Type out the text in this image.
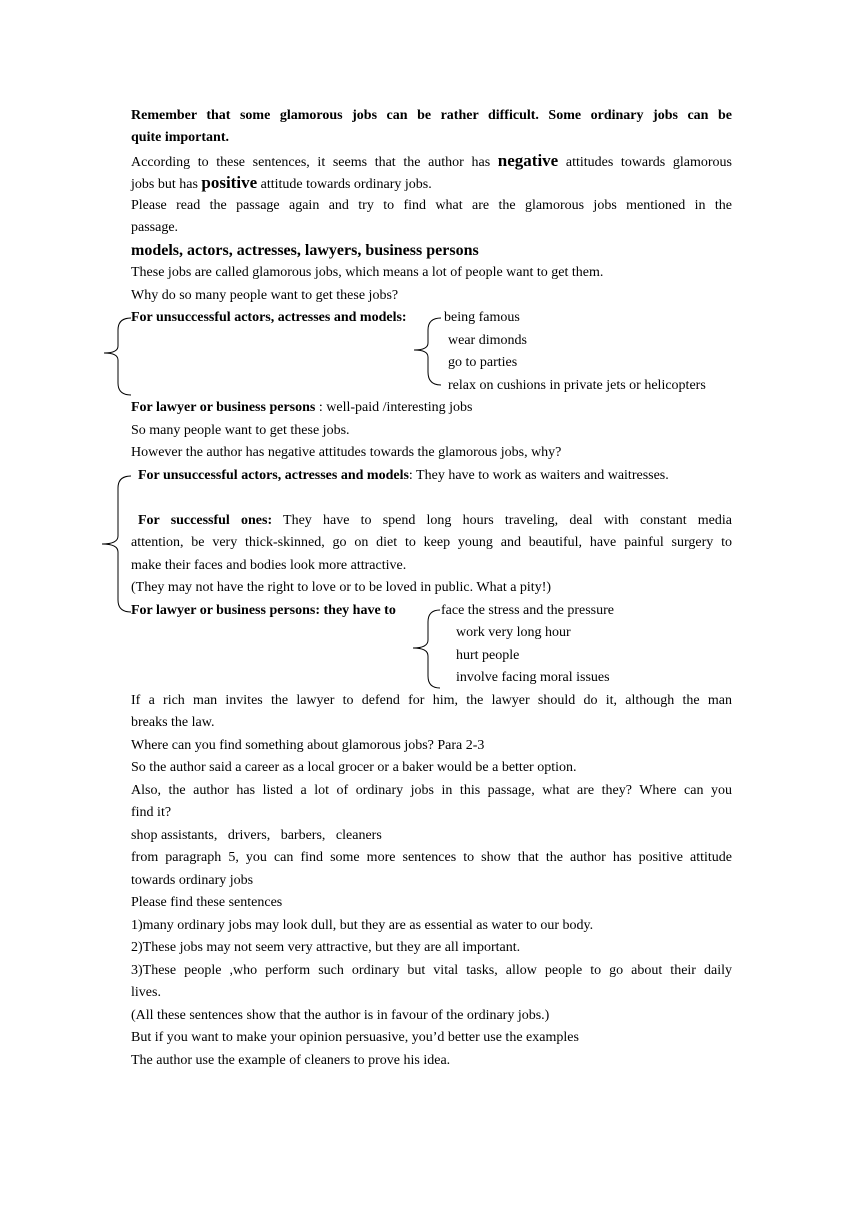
Remember that some glamorous jobs can be rather difficult. Some ordinary jobs can be
quite important.
According to these sentences, it seems that the author has negative attitudes towards glamorous
jobs but has positive attitude towards ordinary jobs.
Please read the passage again and try to find what are the glamorous jobs mentioned in the
passage.
models, actors, actresses, lawyers, business persons
These jobs are called glamorous jobs, which means a lot of people want to get them.
Why do so many people want to get these jobs?
For unsuccessful actors, actresses and models:	being famous
wear dimonds
go to parties
relax on cushions in private jets or helicopters
For lawyer or business persons : well-paid /interesting jobs
So many people want to get these jobs.
However the author has negative attitudes towards the glamorous jobs, why?
For unsuccessful actors, actresses and models: They have to work as waiters and waitresses.
For successful ones: They have to spend long hours traveling, deal with constant media
attention, be very thick-skinned, go on diet to keep young and beautiful, have painful surgery to
make their faces and bodies look more attractive.
(They may not have the right to love or to be loved in public. What a pity!)
For lawyer or business persons: they have to	face the stress and the pressure
work very long hour
hurt people
involve facing moral issues
If a rich man invites the lawyer to defend for him, the lawyer should do it, although the man
breaks the law.
Where can you find something about glamorous jobs? Para 2-3
So the author said a career as a local grocer or a baker would be a better option.
Also, the author has listed a lot of ordinary jobs in this passage, what are they? Where can you
find it?
shop assistants,   drivers,   barbers,   cleaners
from paragraph 5, you can find some more sentences to show that the author has positive attitude
towards ordinary jobs
Please find these sentences
1)many ordinary jobs may look dull, but they are as essential as water to our body.
2)These jobs may not seem very attractive, but they are all important.
3)These people ,who perform such ordinary but vital tasks, allow people to go about their daily
lives.
(All these sentences show that the author is in favour of the ordinary jobs.)
But if you want to make your opinion persuasive, you’d better use the examples
The author use the example of cleaners to prove his idea.
